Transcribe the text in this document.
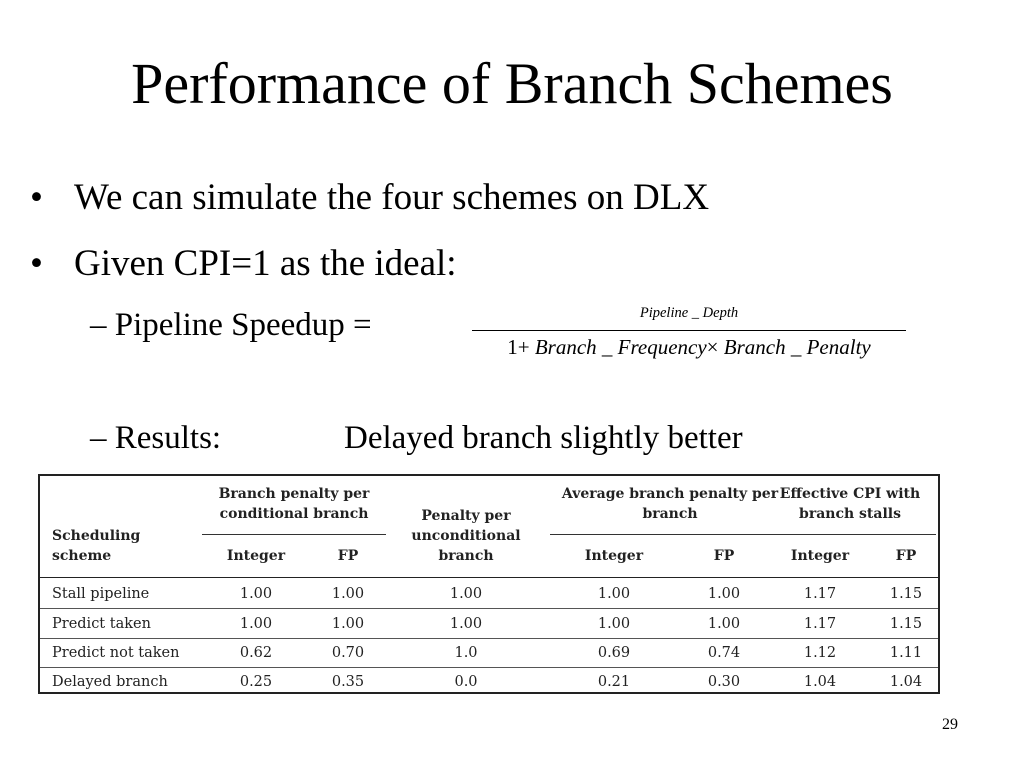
Performance of Branch Schemes
• We can simulate the four schemes on DLX
• Given CPI=1 as the ideal:
– Pipeline Speedup =	Pipeline _ Depth
1+ Branch _ Frequency× Branch _ Penalty
– Results:	Delayed branch slightly better
Scheduling scheme
Branch penalty per conditional branch	Penalty per unconditional branch
Average branch penalty per branch
Effective CPI with branch stalls
Integer	FP	Integer	FP	Integer	FP
Stall pipeline	1.00	1.00	1.00	1.00	1.00	1.17	1.15
Predict taken	1.00	1.00	1.00	1.00	1.00	1.17	1.15
Predict not taken	0.62	0.70	1.0	0.69	0.74	1.12	1.11
Delayed branch	0.25	0.35	0.0	0.21	0.30	1.04	1.04
29
